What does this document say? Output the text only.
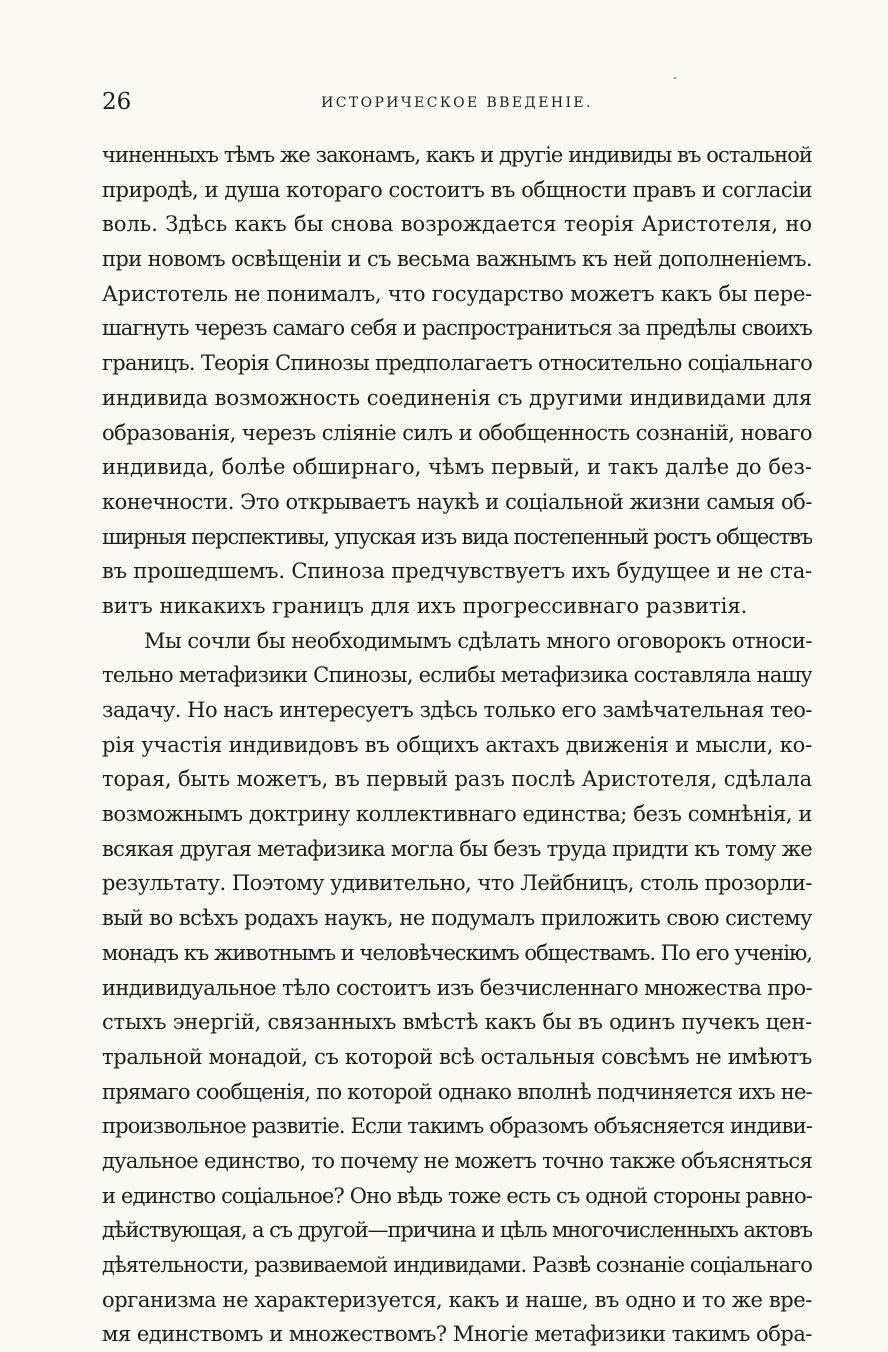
26	ИСТОРИЧЕСКОЕ ВВЕДЕНІЕ.
чиненныхъ тѣмъ же законамъ, какъ и другіе индивиды въ остальной
природѣ, и душа котораго состоитъ въ общности правъ и согласіи
воль. Здѣсь какъ бы снова возрождается теорія Аристотеля, но
при новомъ освѣщеніи и съ весьма важнымъ къ ней дополненіемъ.
Аристотель не понималъ, что государство можетъ какъ бы пере-
шагнуть черезъ самаго себя и распространиться за предѣлы своихъ
границъ. Теорія Спинозы предполагаетъ относительно соціальнаго
индивида возможность соединенія съ другими индивидами для
образованія, черезъ сліяніе силъ и обобщенность сознаній, новаго
индивида, болѣе обширнаго, чѣмъ первый, и такъ далѣе до без-
конечности. Это открываетъ наукѣ и соціальной жизни самыя об-
ширныя перспективы, упуская изъ вида постепенный ростъ обществъ
въ прошедшемъ. Спиноза предчувствуетъ ихъ будущее и не ста-
витъ никакихъ границъ для ихъ прогрессивнаго развитія.
Мы сочли бы необходимымъ сдѣлать много оговорокъ относи-
тельно метафизики Спинозы, еслибы метафизика составляла нашу
задачу. Но насъ интересуетъ здѣсь только его замѣчательная тео-
рія участія индивидовъ въ общихъ актахъ движенія и мысли, ко-
торая, быть можетъ, въ первый разъ послѣ Аристотеля, сдѣлала
возможнымъ доктрину коллективнаго единства; безъ сомнѣнія, и
всякая другая метафизика могла бы безъ труда придти къ тому же
результату. Поэтому удивительно, что Лейбницъ, столь прозорли-
вый во всѣхъ родахъ наукъ, не подумалъ приложить свою систему
монадъ къ животнымъ и человѣческимъ обществамъ. По его ученію,
индивидуальное тѣло состоитъ изъ безчисленнаго множества про-
стыхъ энергій, связанныхъ вмѣстѣ какъ бы въ одинъ пучекъ цен-
тральной монадой, съ которой всѣ остальныя совсѣмъ не имѣютъ
прямаго сообщенія, по которой однако вполнѣ подчиняется ихъ не-
произвольное развитіе. Если такимъ образомъ объясняется индиви-
дуальное единство, то почему не можетъ точно также объясняться
и единство соціальное? Оно вѣдь тоже есть съ одной стороны равно-
дѣйствующая, а съ другой—причина и цѣль многочисленныхъ актовъ
дѣятельности, развиваемой индивидами. Развѣ сознаніе соціальнаго
организма не характеризуется, какъ и наше, въ одно и то же вре-
мя единствомъ и множествомъ? Многіе метафизики такимъ обра-
